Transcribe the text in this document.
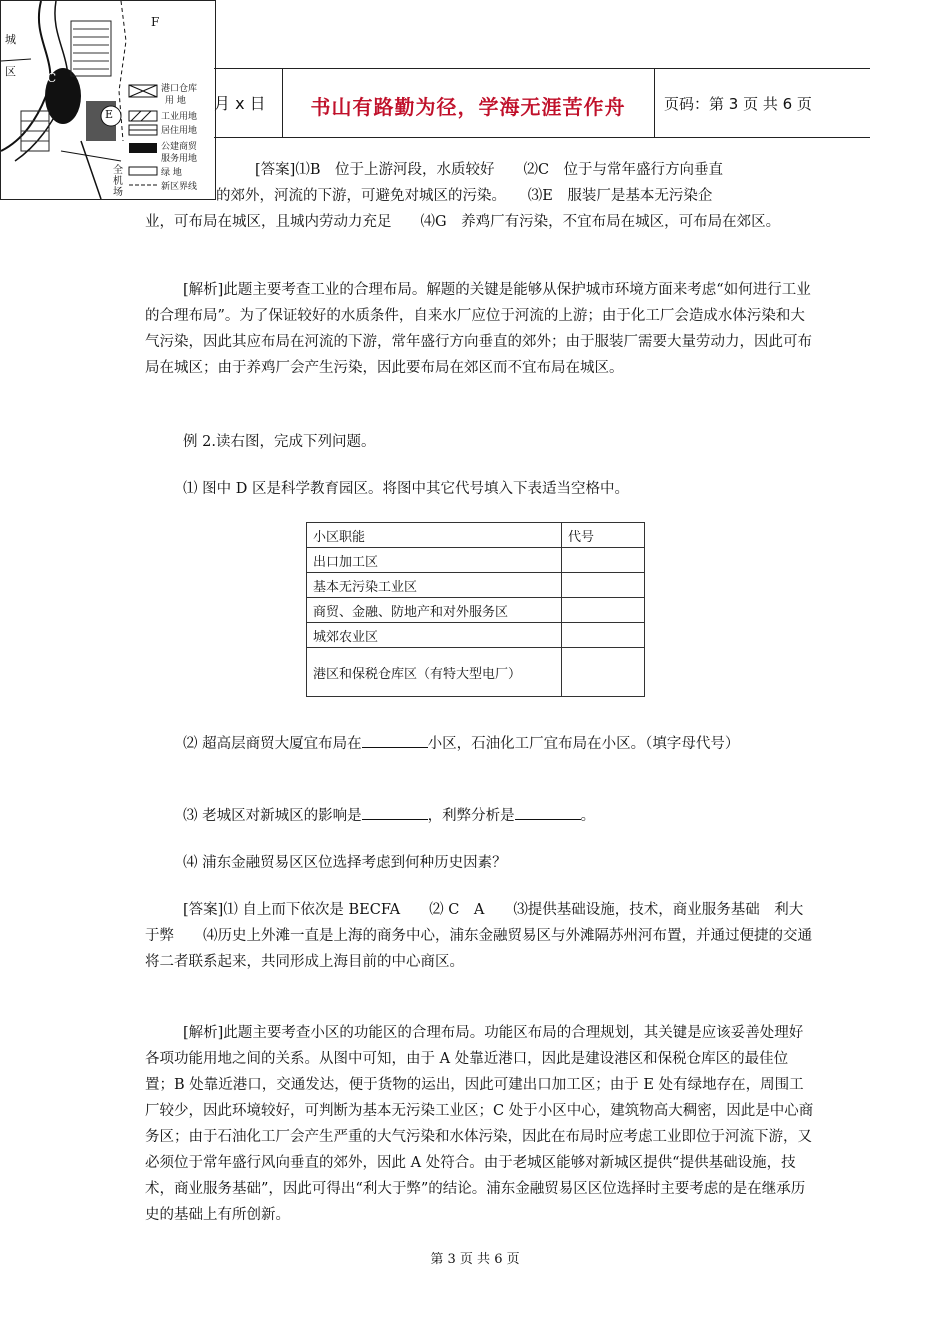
城
区
F
C
E
全
机
场
港口仓库
用 地
工业用地
居住用地
公建商贸
服务用地
绿 地
新区界线
月 x 日	书山有路勤为径，学海无涯苦作舟	页码：第 3 页 共 6 页

[答案]⑴B　位于上游河段，水质较好　　⑵C　位于与常年盛行方向垂直

的郊外，河流的下游，可避免对城区的污染。　　⑶E　服装厂是基本无污染企

业，可布局在城区，且城内劳动力充足　　⑷G　养鸡厂有污染，不宜布局在城区，可布局在郊区。

[解析]此题主要考查工业的合理布局。解题的关键是能够从保护城市环境方面来考虑“如何进行工业的合理布局”。为了保证较好的水质条件，自来水厂应位于河流的上游；由于化工厂会造成水体污染和大气污染，因此其应布局在河流的下游，常年盛行方向垂直的郊外；由于服装厂需要大量劳动力，因此可布局在城区；由于养鸡厂会产生污染，因此要布局在郊区而不宜布局在城区。

例 2.读右图，完成下列问题。

⑴ 图中 D 区是科学教育园区。将图中其它代号填入下表适当空格中。

小区职能	代号
出口加工区	
基本无污染工业区	
商贸、金融、防地产和对外服务区	
城郊农业区	
港区和保税仓库区（有特大型电厂）	

⑵ 超高层商贸大厦宜布局在	小区，石油化工厂宜布局在小区。（填字母代号）

⑶ 老城区对新城区的影响是	，利弊分析是	。

⑷ 浦东金融贸易区区位选择考虑到何种历史因素？

[答案]⑴ 自上而下依次是 BECFA　　⑵ C　A　　⑶提供基础设施，技术，商业服务基础　利大于弊　　⑷历史上外滩一直是上海的商务中心，浦东金融贸易区与外滩隔苏州河布置，并通过便捷的交通将二者联系起来，共同形成上海目前的中心商区。

[解析]此题主要考查小区的功能区的合理布局。功能区布局的合理规划，其关键是应该妥善处理好各项功能用地之间的关系。从图中可知，由于 A 处靠近港口，因此是建设港区和保税仓库区的最佳位置；B 处靠近港口，交通发达，便于货物的运出，因此可建出口加工区；由于 E 处有绿地存在，周围工厂较少，因此环境较好，可判断为基本无污染工业区；C 处于小区中心，建筑物高大稠密，因此是中心商务区；由于石油化工厂会产生严重的大气污染和水体污染，因此在布局时应考虑工业即位于河流下游，又必须位于常年盛行风向垂直的郊外，因此 A 处符合。由于老城区能够对新城区提供“提供基础设施，技术，商业服务基础”，因此可得出“利大于弊”的结论。浦东金融贸易区区位选择时主要考虑的是在继承历史的基础上有所创新。

第 3 页 共 6 页
